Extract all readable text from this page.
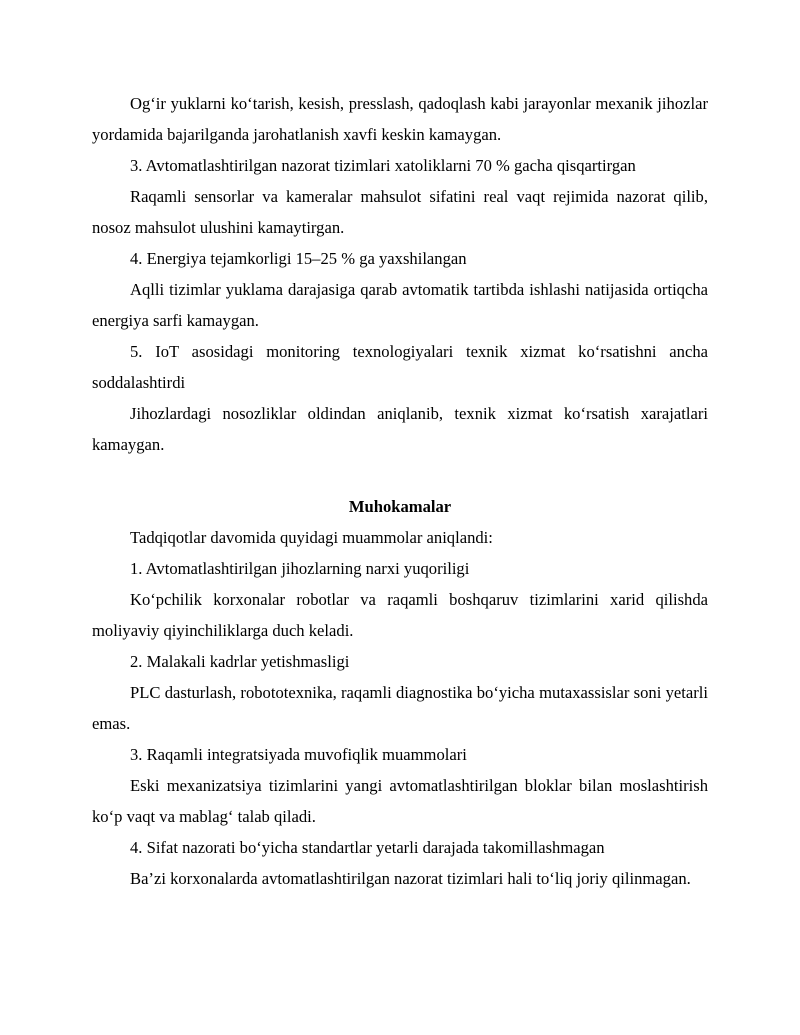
Og‘ir yuklarni ko‘tarish, kesish, presslash, qadoqlash kabi jarayonlar mexanik jihozlar yordamida bajarilganda jarohatlanish xavfi keskin kamaygan.

3. Avtomatlashtirilgan nazorat tizimlari xatoliklarni 70 % gacha qisqartirgan

Raqamli sensorlar va kameralar mahsulot sifatini real vaqt rejimida nazorat qilib, nosoz mahsulot ulushini kamaytirgan.

4. Energiya tejamkorligi 15–25 % ga yaxshilangan

Aqlli tizimlar yuklama darajasiga qarab avtomatik tartibda ishlashi natijasida ortiqcha energiya sarfi kamaygan.

5. IoT asosidagi monitoring texnologiyalari texnik xizmat ko‘rsatishni ancha soddalashtirdi

Jihozlardagi nosozliklar oldindan aniqlanib, texnik xizmat ko‘rsatish xarajatlari kamaygan.

Muhokamalar

Tadqiqotlar davomida quyidagi muammolar aniqlandi:

1. Avtomatlashtirilgan jihozlarning narxi yuqoriligi

Ko‘pchilik korxonalar robotlar va raqamli boshqaruv tizimlarini xarid qilishda moliyaviy qiyinchiliklarga duch keladi.

2. Malakali kadrlar yetishmasligi

PLC dasturlash, robototexnika, raqamli diagnostika bo‘yicha mutaxassislar soni yetarli emas.

3. Raqamli integratsiyada muvofiqlik muammolari

Eski mexanizatsiya tizimlarini yangi avtomatlashtirilgan bloklar bilan moslashtirish ko‘p vaqt va mablag‘ talab qiladi.

4. Sifat nazorati bo‘yicha standartlar yetarli darajada takomillashmagan

Ba’zi korxonalarda avtomatlashtirilgan nazorat tizimlari hali to‘liq joriy qilinmagan.
